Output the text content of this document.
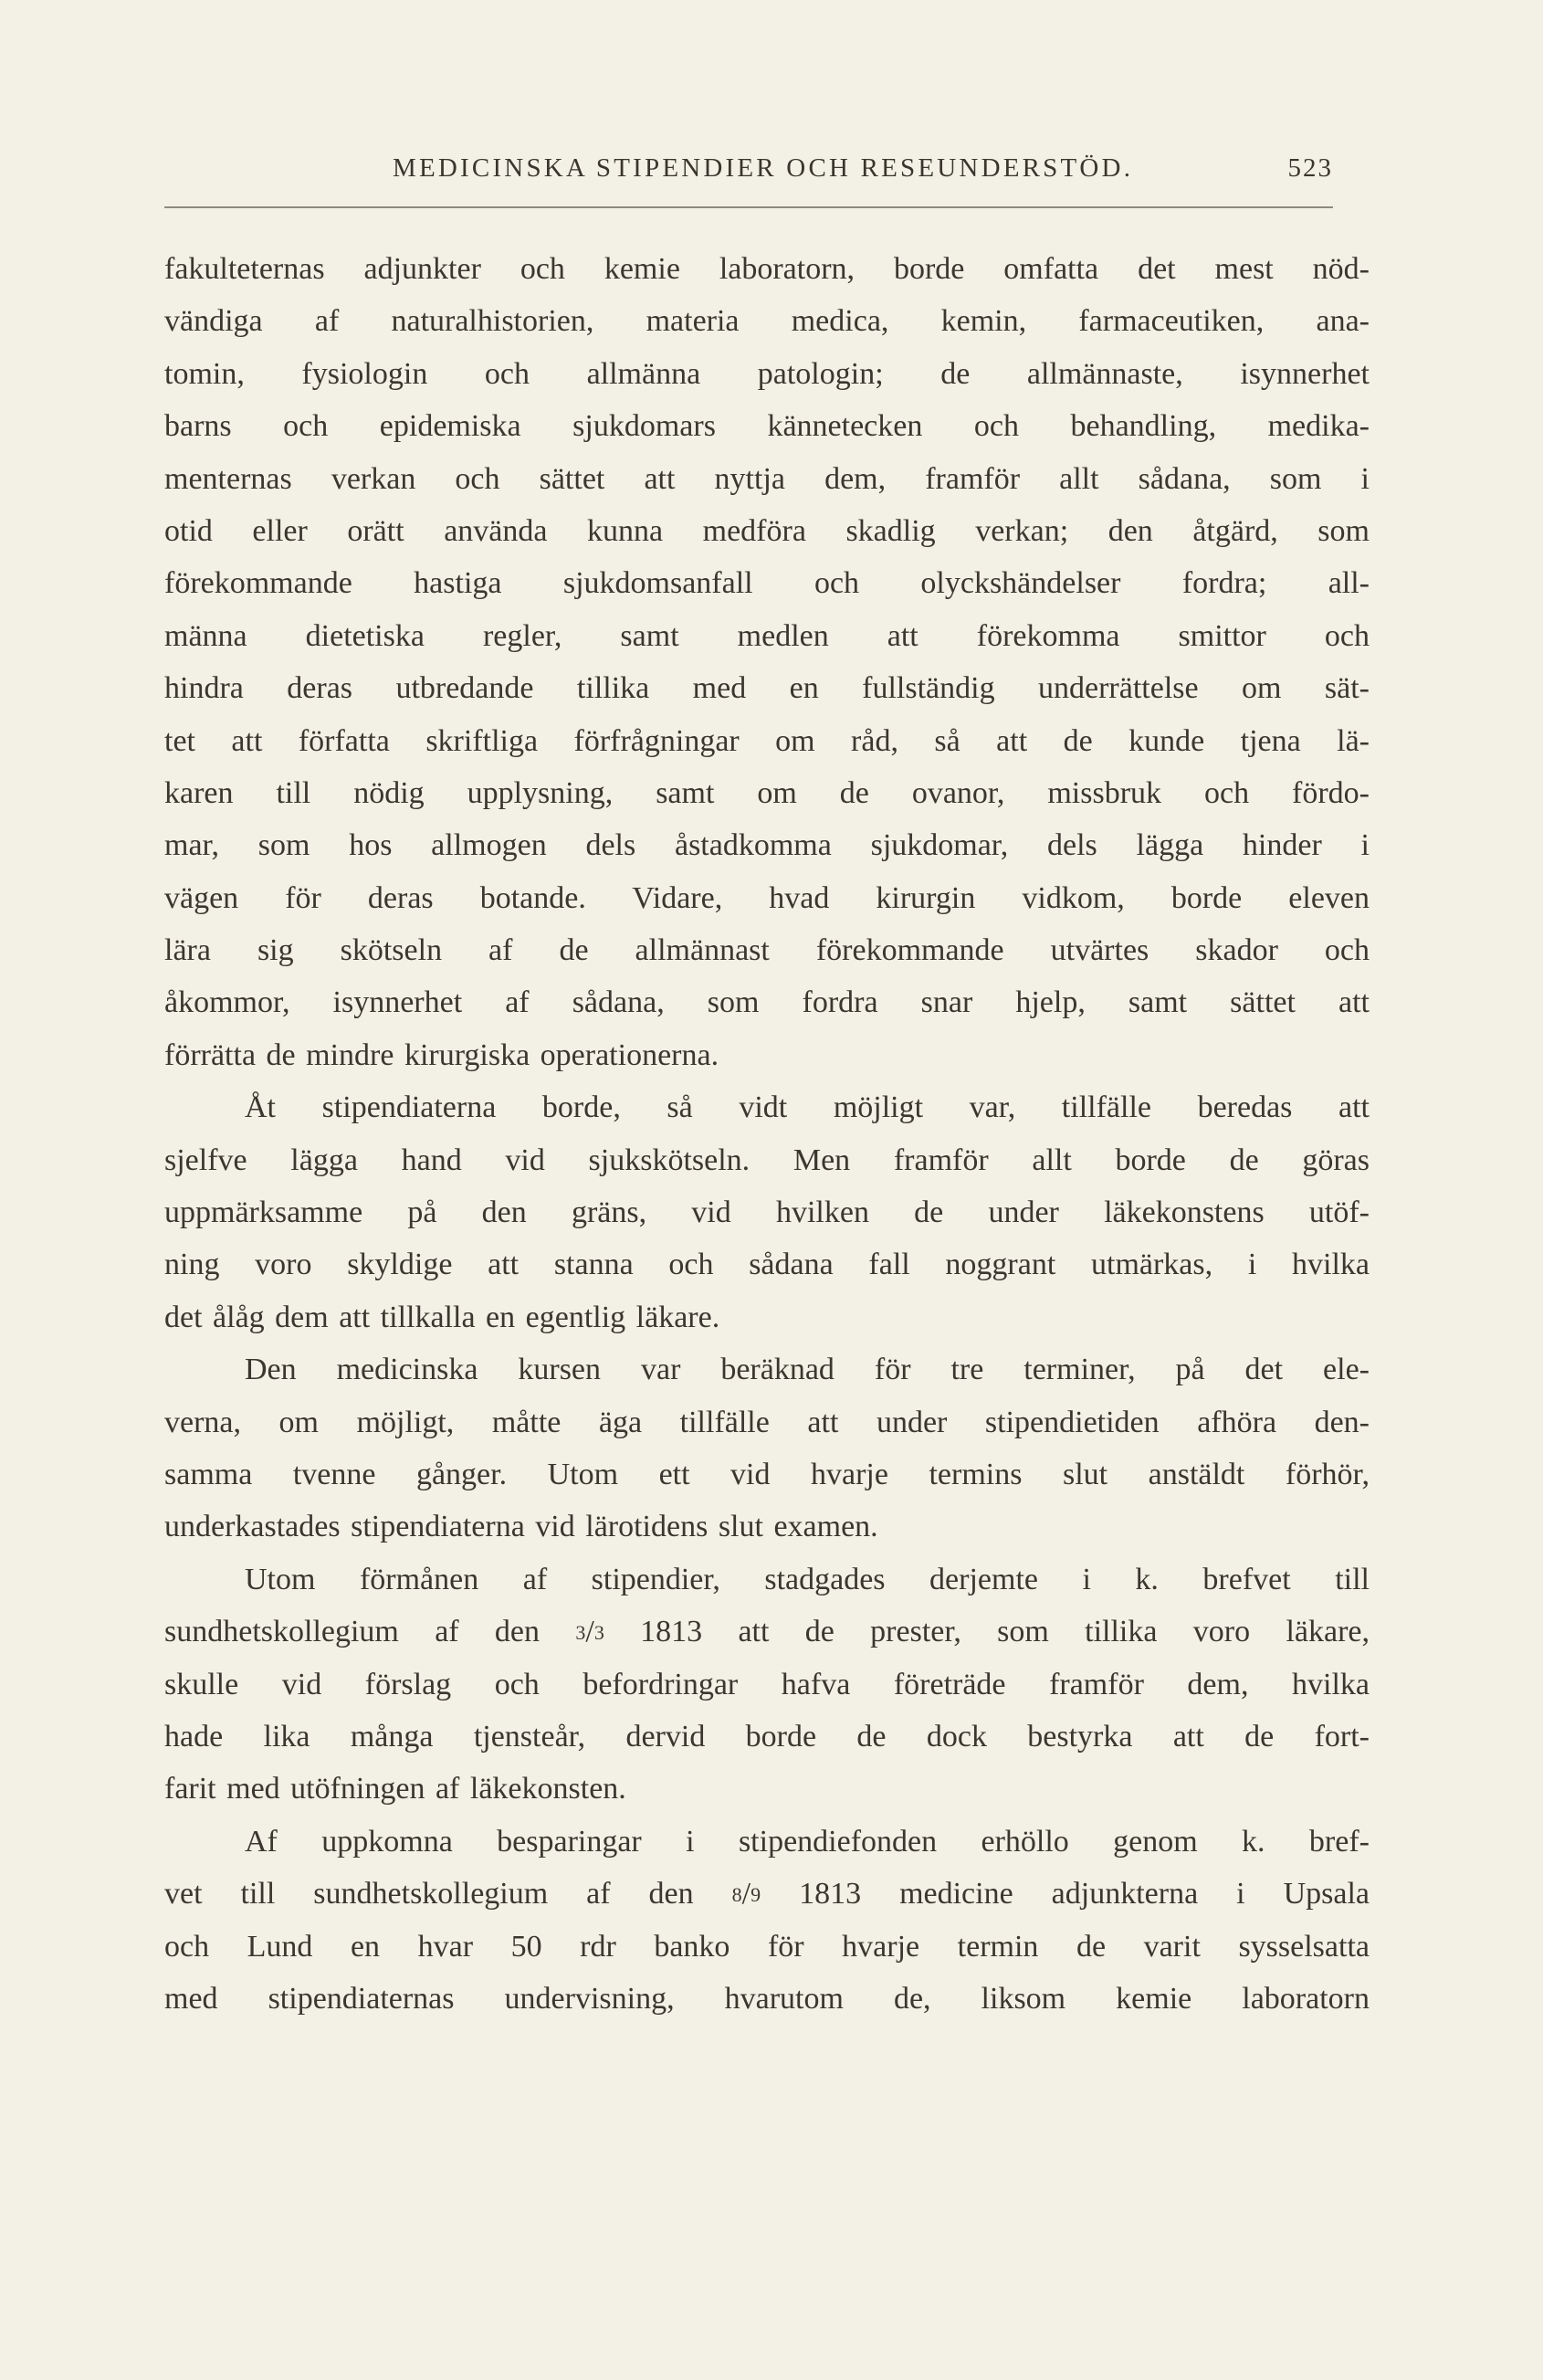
MEDICINSKA STIPENDIER OCH RESEUNDERSTÖD.	523
fakulteternas adjunkter och kemie laboratorn, borde omfatta det mest nöd-
vändiga af naturalhistorien, materia medica, kemin, farmaceutiken, ana-
tomin, fysiologin och allmänna patologin; de allmännaste, isynnerhet
barns och epidemiska sjukdomars kännetecken och behandling, medika-
menternas verkan och sättet att nyttja dem, framför allt sådana, som i
otid eller orätt använda kunna medföra skadlig verkan; den åtgärd, som
förekommande hastiga sjukdomsanfall och olyckshändelser fordra; all-
männa dietetiska regler, samt medlen att förekomma smittor och
hindra deras utbredande tillika med en fullständig underrättelse om sät-
tet att författa skriftliga förfrågningar om råd, så att de kunde tjena lä-
karen till nödig upplysning, samt om de ovanor, missbruk och fördo-
mar, som hos allmogen dels åstadkomma sjukdomar, dels lägga hinder i
vägen för deras botande. Vidare, hvad kirurgin vidkom, borde eleven
lära sig skötseln af de allmännast förekommande utvärtes skador och
åkommor, isynnerhet af sådana, som fordra snar hjelp, samt sättet att
förrätta de mindre kirurgiska operationerna.
Åt stipendiaterna borde, så vidt möjligt var, tillfälle beredas att
sjelfve lägga hand vid sjukskötseln. Men framför allt borde de göras
uppmärksamme på den gräns, vid hvilken de under läkekonstens utöf-
ning voro skyldige att stanna och sådana fall noggrant utmärkas, i hvilka
det ålåg dem att tillkalla en egentlig läkare.
Den medicinska kursen var beräknad för tre terminer, på det ele-
verna, om möjligt, måtte äga tillfälle att under stipendietiden afhöra den-
samma tvenne gånger. Utom ett vid hvarje termins slut anstäldt förhör,
underkastades stipendiaterna vid lärotidens slut examen.
Utom förmånen af stipendier, stadgades derjemte i k. brefvet till
sundhetskollegium af den $^3/_3$ 1813 att de prester, som tillika voro läkare,
skulle vid förslag och befordringar hafva företräde framför dem, hvilka
hade lika många tjensteår, dervid borde de dock bestyrka att de fort-
farit med utöfningen af läkekonsten.
Af uppkomna besparingar i stipendiefonden erhöllo genom k. bref-
vet till sundhetskollegium af den $^8/_9$ 1813 medicine adjunkterna i Upsala
och Lund en hvar 50 rdr banko för hvarje termin de varit sysselsatta
med stipendiaternas undervisning, hvarutom de, liksom kemie laboratorn
